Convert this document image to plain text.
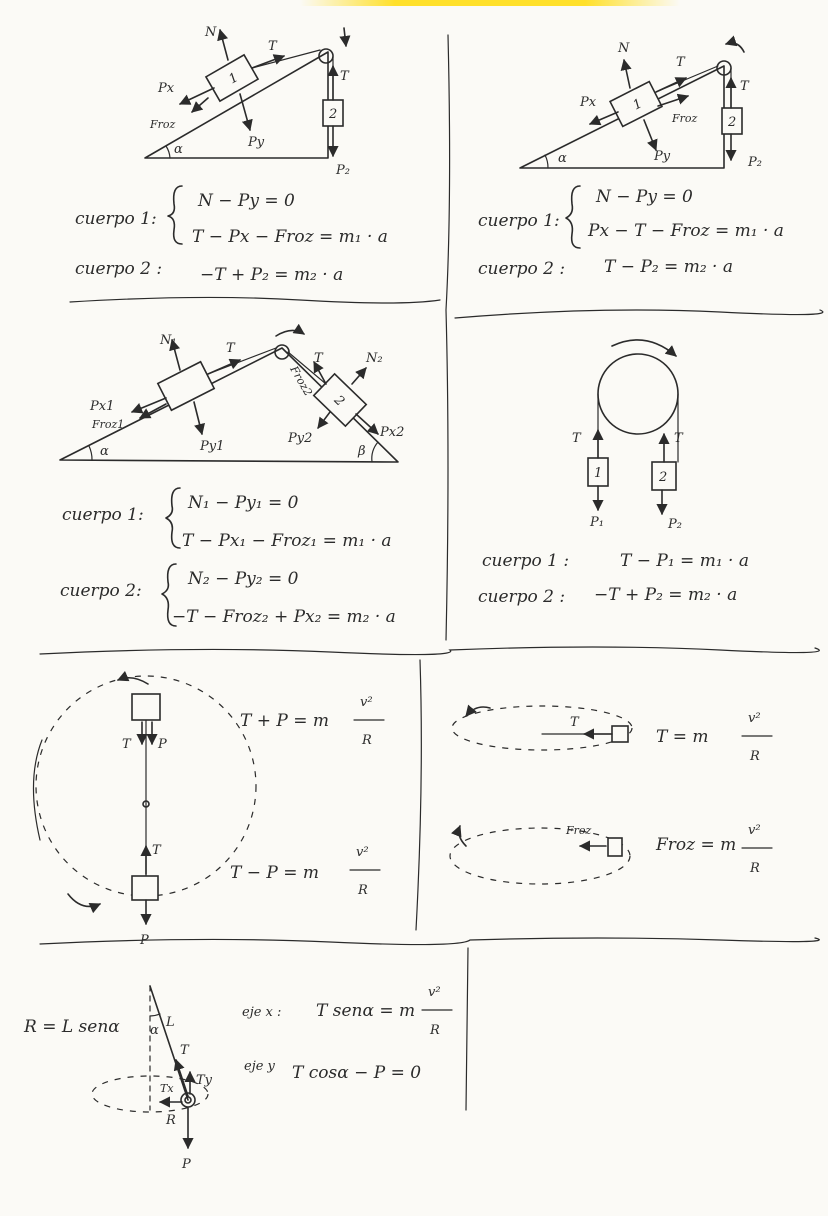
α
1
2
N
T
Px
Froz
Py
T
P₂
cuerpo 1:
N − Py = 0
T − Px − Froz = m₁ · a
cuerpo 2 : −T + P₂ = m₂ · a
α
1
2
N
T
Px
Froz
Py
T
P₂
cuerpo 1:
N − Py = 0
Px − T − Froz = m₁ · a
cuerpo 2 : T − P₂ = m₂ · a
α	β
2
N₁
T
Px1
Froz1
Py1
Froz2
T	N₂
Py2	Px2
cuerpo 1:
N₁ − Py₁ = 0
T − Px₁ − Froz₁ = m₁ · a
cuerpo 2:
N₂ − Py₂ = 0
−T − Froz₂ + Px₂ = m₂ · a
1	2
T	T
P₁	P₂
cuerpo 1 :	T − P₁ = m₁ · a
cuerpo 2 : −T + P₂ = m₂ · a
T P
T
P
T + P = m
v²
R
T − P = m
v²
R
T
T = m
v²
R
Froz
Froz = m
v²
R
R = L senα α
L
T
Ty
Tx
R
P
eje x : T senα = m
v²
R
eje y T cosα − P = 0
